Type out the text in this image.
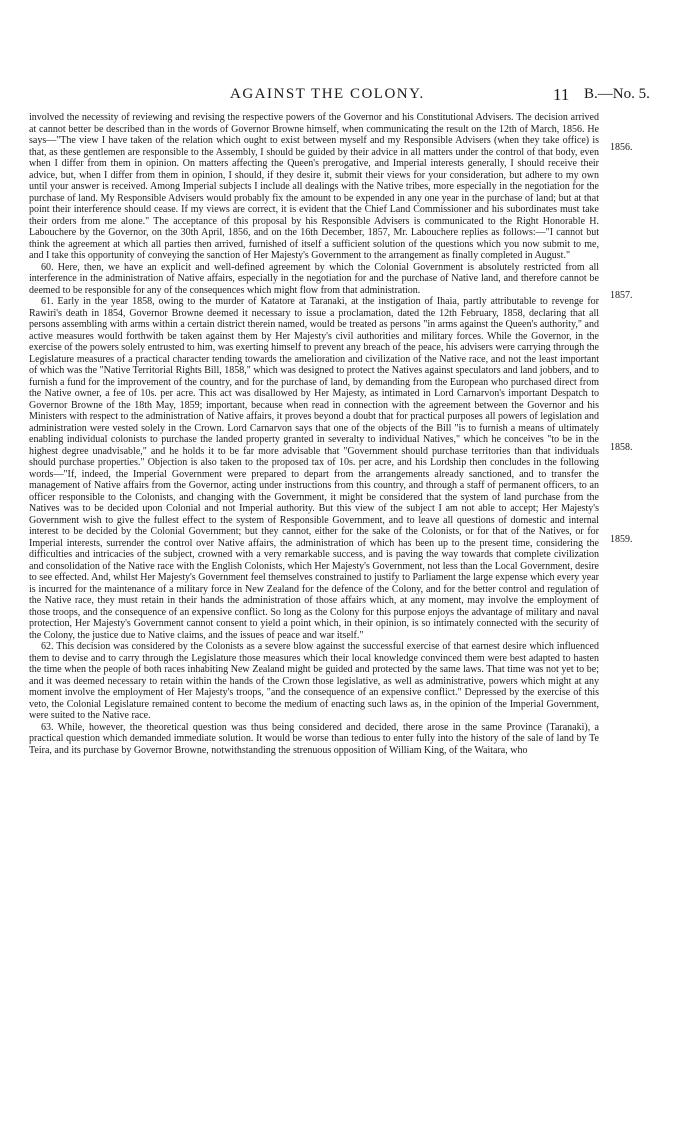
AGAINST THE COLONY.	11 B.—No. 5.
1856.
1857.
1858.
1859.

involved the necessity of reviewing and revising the respective powers of the Governor and his Constitutional Advisers. The decision arrived at cannot better be described than in the words of Governor Browne himself, when communicating the result on the 12th of March, 1856. He says—"The view I have taken of the relation which ought to exist between myself and my Responsible Advisers (when they take office) is that, as these gentlemen are responsible to the Assembly, I should be guided by their advice in all matters under the control of that body, even when I differ from them in opinion. On matters affecting the Queen's prerogative, and Imperial interests generally, I should receive their advice, but, when I differ from them in opinion, I should, if they desire it, submit their views for your consideration, but adhere to my own until your answer is received. Among Imperial subjects I include all dealings with the Native tribes, more especially in the negotiation for the purchase of land. My Responsible Advisers would probably fix the amount to be expended in any one year in the purchase of land; but at that point their interference should cease. If my views are correct, it is evident that the Chief Land Commissioner and his subordinates must take their orders from me alone." The acceptance of this proposal by his Responsible Advisers is communicated to the Right Honorable H. Labouchere by the Governor, on the 30th April, 1856, and on the 16th December, 1857, Mr. Labouchere replies as follows:—"I cannot but think the agreement at which all parties then arrived, furnished of itself a sufficient solution of the questions which you now submit to me, and I take this opportunity of conveying the sanction of Her Majesty's Government to the arrangement as finally completed in August."

60. Here, then, we have an explicit and well-defined agreement by which the Colonial Government is absolutely restricted from all interference in the administration of Native affairs, especially in the negotiation for and the purchase of Native land, and therefore cannot be deemed to be responsible for any of the consequences which might flow from that administration.

61. Early in the year 1858, owing to the murder of Katatore at Taranaki, at the instigation of Ihaia, partly attributable to revenge for Rawiri's death in 1854, Governor Browne deemed it necessary to issue a proclamation, dated the 12th February, 1858, declaring that all persons assembling with arms within a certain district therein named, would be treated as persons "in arms against the Queen's authority," and active measures would forthwith be taken against them by Her Majesty's civil authorities and military forces. While the Governor, in the exercise of the powers solely entrusted to him, was exerting himself to prevent any breach of the peace, his advisers were carrying through the Legislature measures of a practical character tending towards the amelioration and civilization of the Native race, and not the least important of which was the "Native Territorial Rights Bill, 1858," which was designed to protect the Natives against speculators and land jobbers, and to furnish a fund for the improvement of the country, and for the purchase of land, by demanding from the European who purchased direct from the Native owner, a fee of 10s. per acre. This act was disallowed by Her Majesty, as intimated in Lord Carnarvon's important Despatch to Governor Browne of the 18th May, 1859; important, because when read in connection with the agreement between the Governor and his Ministers with respect to the administration of Native affairs, it proves beyond a doubt that for practical purposes all powers of legislation and administration were vested solely in the Crown. Lord Carnarvon says that one of the objects of the Bill "is to furnish a means of ultimately enabling individual colonists to purchase the landed property granted in severalty to individual Natives," which he conceives "to be in the highest degree unadvisable," and he holds it to be far more advisable that "Government should purchase territories than that individuals should purchase properties." Objection is also taken to the proposed tax of 10s. per acre, and his Lordship then concludes in the following words—"If, indeed, the Imperial Government were prepared to depart from the arrangements already sanctioned, and to transfer the management of Native affairs from the Governor, acting under instructions from this country, and through a staff of permanent officers, to an officer responsible to the Colonists, and changing with the Government, it might be considered that the system of land purchase from the Natives was to be decided upon Colonial and not Imperial authority. But this view of the subject I am not able to accept; Her Majesty's Government wish to give the fullest effect to the system of Responsible Government, and to leave all questions of domestic and internal interest to be decided by the Colonial Government; but they cannot, either for the sake of the Colonists, or for that of the Natives, or for Imperial interests, surrender the control over Native affairs, the administration of which has been up to the present time, considering the difficulties and intricacies of the subject, crowned with a very remarkable success, and is paving the way towards that complete civilization and consolidation of the Native race with the English Colonists, which Her Majesty's Government, not less than the Local Government, desire to see effected. And, whilst Her Majesty's Government feel themselves constrained to justify to Parliament the large expense which every year is incurred for the maintenance of a military force in New Zealand for the defence of the Colony, and for the better control and regulation of the Native race, they must retain in their hands the administration of those affairs which, at any moment, may involve the employment of those troops, and the consequence of an expensive conflict. So long as the Colony for this purpose enjoys the advantage of military and naval protection, Her Majesty's Government cannot consent to yield a point which, in their opinion, is so intimately connected with the security of the Colony, the justice due to Native claims, and the issues of peace and war itself."

62. This decision was considered by the Colonists as a severe blow against the successful exercise of that earnest desire which influenced them to devise and to carry through the Legislature those measures which their local knowledge convinced them were best adapted to hasten the time when the people of both races inhabiting New Zealand might be guided and protected by the same laws. That time was not yet to be; and it was deemed necessary to retain within the hands of the Crown those legislative, as well as administrative, powers which might at any moment involve the employment of Her Majesty's troops, "and the consequence of an expensive conflict." Depressed by the exercise of this veto, the Colonial Legislature remained content to become the medium of enacting such laws as, in the opinion of the Imperial Government, were suited to the Native race.

63. While, however, the theoretical question was thus being considered and decided, there arose in the same Province (Taranaki), a practical question which demanded immediate solution. It would be worse than tedious to enter fully into the history of the sale of land by Te Teira, and its purchase by Governor Browne, notwithstanding the strenuous opposition of William King, of the Waitara, who
